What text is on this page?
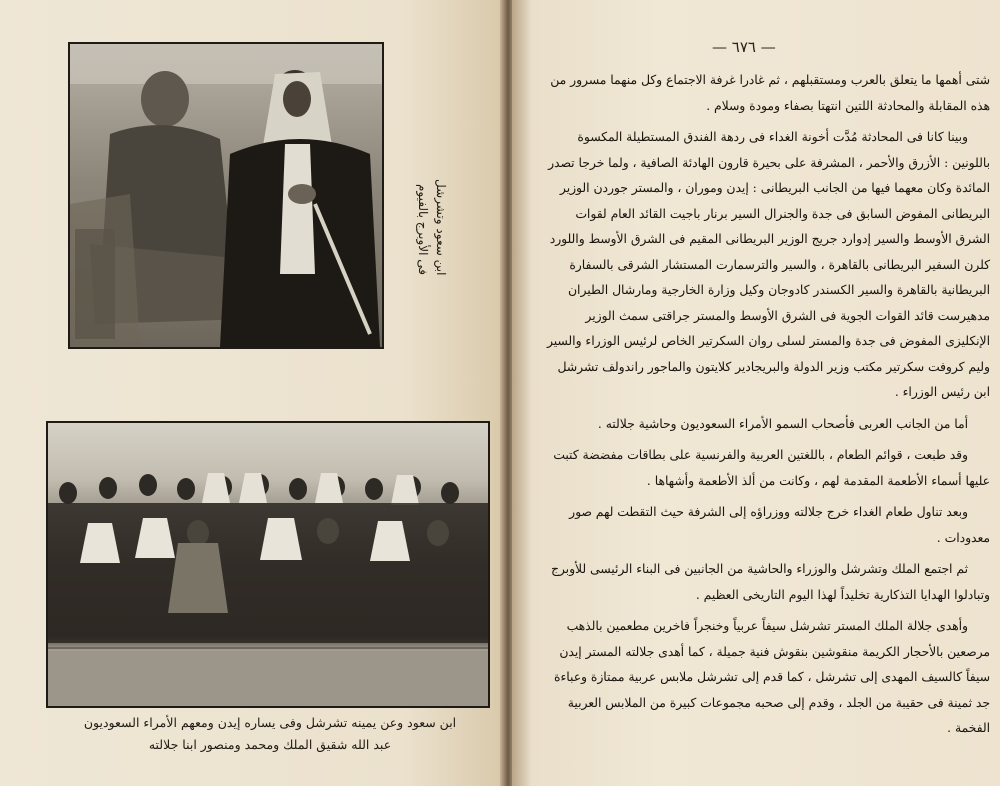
ابن سعود وتشرشل فى الأوبرج بالفيوم
ابن سعود وعن يمينه تشرشل وفى يساره إيدن ومعهم الأمراء السعوديون
عبد الله شقيق الملك ومحمد ومنصور ابنا جلالته
— ٦٧٦ —

شتى أهمها ما يتعلق بالعرب ومستقبلهم ، ثم غادرا غرفة الاجتماع وكل منهما مسرور من هذه المقابلة والمحادثة اللتين انتهتا بصفاء ومودة وسلام .

وبينا كانا فى المحادثة مُدَّت أخونة الغداء فى ردهة الفندق المستطيلة المكسوة باللونين : الأزرق والأحمر ، المشرفة على بحيرة قارون الهادئة الصافية ، ولما خرجا تصدر المائدة وكان معهما فيها من الجانب البريطانى : إيدن وموران ، والمستر جوردن الوزير البريطانى المفوض السابق فى جدة والجنرال السير برنار باجيت القائد العام لقوات الشرق الأوسط والسير إدوارد جريج الوزير البريطانى المقيم فى الشرق الأوسط واللورد كلرن السفير البريطانى بالقاهرة ، والسير والترسمارت المستشار الشرقى بالسفارة البريطانية بالقاهرة والسير الكسندر كادوجان وكيل وزارة الخارجية ومارشال الطيران مدهيرست قائد القوات الجوية فى الشرق الأوسط والمستر جراقتى سمث الوزير الإنكليزى المفوض فى جدة والمستر لسلى روان السكرتير الخاص لرئيس الوزراء والسير وليم كروفت سكرتير مكتب وزير الدولة والبريجادير كلايتون والماجور راندولف تشرشل ابن رئيس الوزراء .

أما من الجانب العربى فأصحاب السمو الأمراء السعوديون وحاشية جلالته .

وقد طبعت ، قوائم الطعام ، باللغتين العربية والفرنسية على بطاقات مفضضة كتبت عليها أسماء الأطعمة المقدمة لهم ، وكانت من ألذ الأطعمة وأشهاها .

وبعد تناول طعام الغداء خرج جلالته ووزراؤه إلى الشرفة حيث التقطت لهم صور معدودات .

ثم اجتمع الملك وتشرشل والوزراء والحاشية من الجانبين فى البناء الرئيسى للأوبرج وتبادلوا الهدايا التذكارية تخليداً لهذا اليوم التاريخى العظيم .

وأهدى جلالة الملك المستر تشرشل سيفاً عربياً وخنجراً فاخرين مطعمين بالذهب مرصعين بالأحجار الكريمة منقوشين بنقوش فنية جميلة ، كما أهدى جلالته المستر إيدن سيفاً كالسيف المهدى إلى تشرشل ، كما قدم إلى تشرشل ملابس عربية ممتازة وعباءة جد ثمينة فى حقيبة من الجلد ، وقدم إلى صحبه مجموعات كبيرة من الملابس العربية الفخمة .
